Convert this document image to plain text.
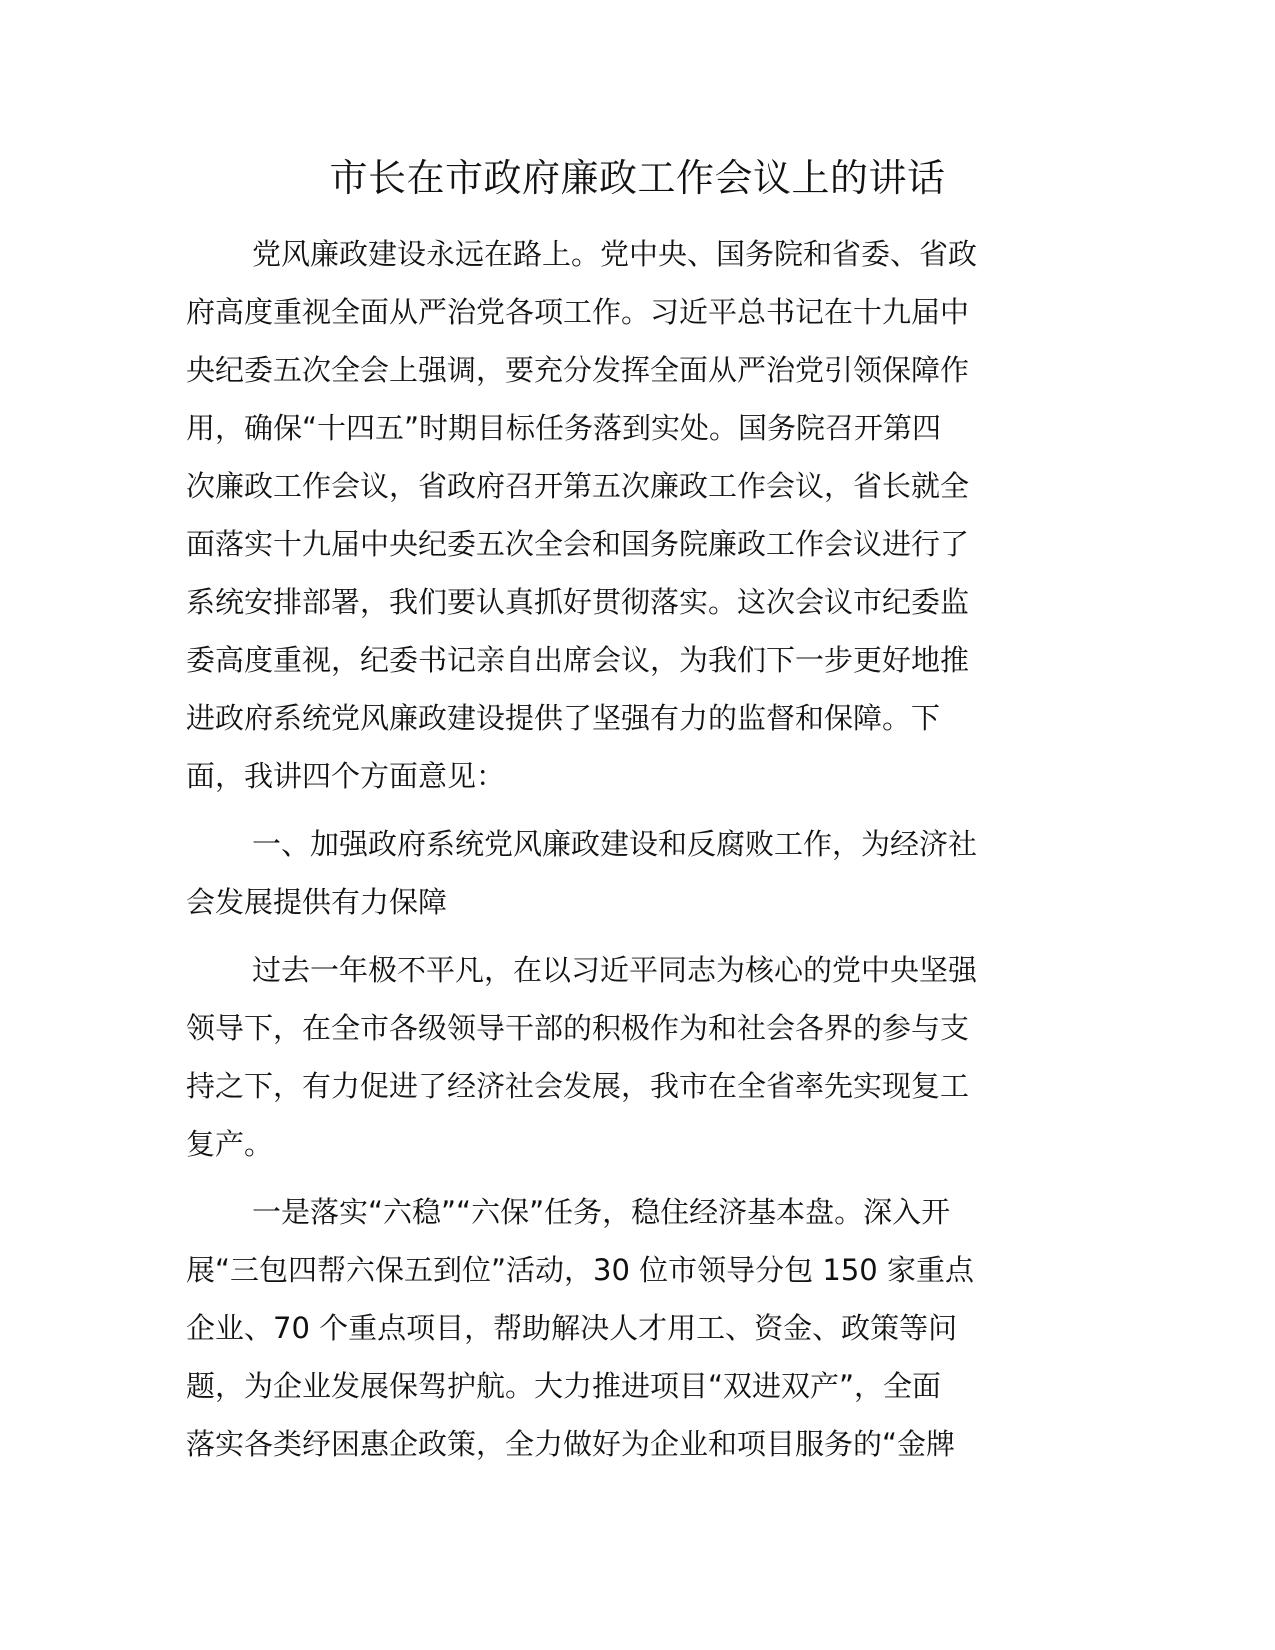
市长在市政府廉政工作会议上的讲话
党风廉政建设永远在路上。党中央、国务院和省委、省政
府高度重视全面从严治党各项工作。习近平总书记在十九届中
央纪委五次全会上强调，要充分发挥全面从严治党引领保障作
用，确保“十四五”时期目标任务落到实处。国务院召开第四
次廉政工作会议，省政府召开第五次廉政工作会议，省长就全
面落实十九届中央纪委五次全会和国务院廉政工作会议进行了
系统安排部署，我们要认真抓好贯彻落实。这次会议市纪委监
委高度重视，纪委书记亲自出席会议，为我们下一步更好地推
进政府系统党风廉政建设提供了坚强有力的监督和保障。下
面，我讲四个方面意见：
一、加强政府系统党风廉政建设和反腐败工作，为经济社
会发展提供有力保障
过去一年极不平凡，在以习近平同志为核心的党中央坚强
领导下，在全市各级领导干部的积极作为和社会各界的参与支
持之下，有力促进了经济社会发展，我市在全省率先实现复工
复产。
一是落实“六稳”“六保”任务，稳住经济基本盘。深入开
展“三包四帮六保五到位”活动，30 位市领导分包 150 家重点
企业、70 个重点项目，帮助解决人才用工、资金、政策等问
题，为企业发展保驾护航。大力推进项目“双进双产”，全面
落实各类纾困惠企政策，全力做好为企业和项目服务的“金牌
